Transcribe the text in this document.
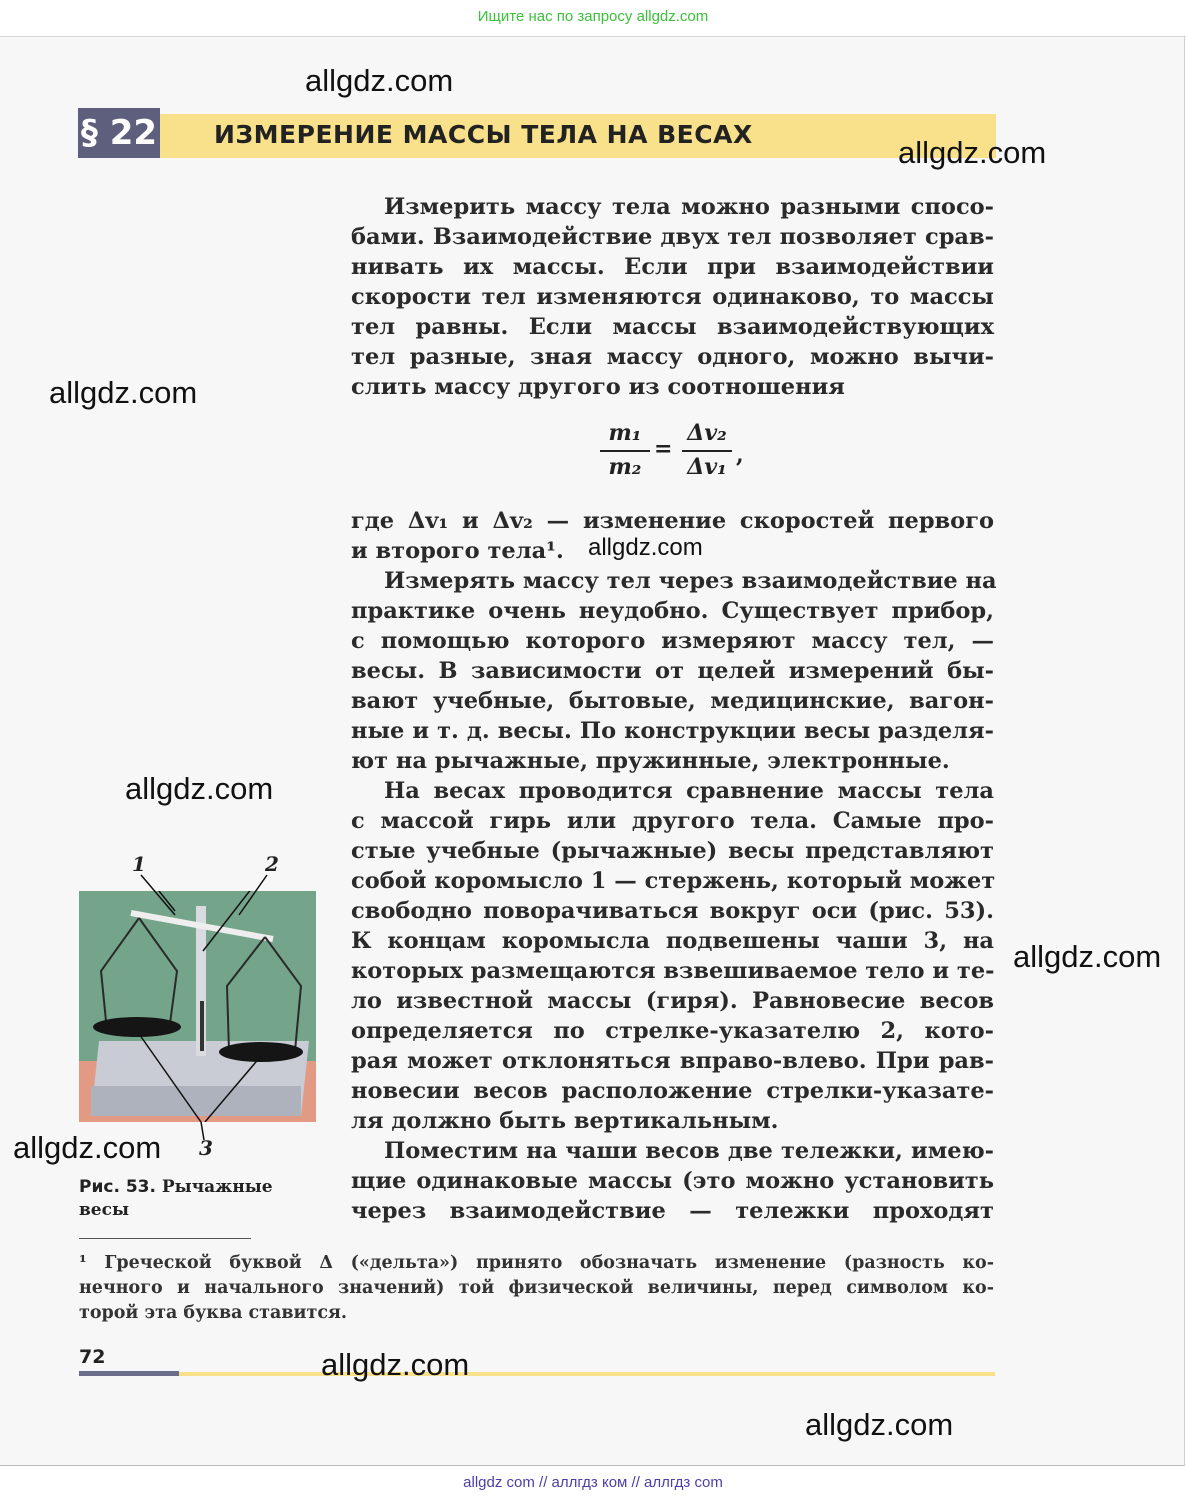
Ищите нас по запросу allgdz.com
§ 22 ИЗМЕРЕНИЕ МАССЫ ТЕЛА НА ВЕСАХ
Измерить массу тела можно разными спосо-
бами. Взаимодействие двух тел позволяет срав-
нивать их массы. Если при взаимодействии
скорости тел изменяются одинаково, то массы
тел равны. Если массы взаимодействующих
тел разные, зная массу одного, можно вычи-
слить массу другого из соотношения
m₁
m₂
=
Δv₂
Δv₁ ,
где Δv₁ и Δv₂ — изменение скоростей первого
и второго тела¹.
Измерять массу тел через взаимодействие на
практике очень неудобно. Существует прибор,
с помощью которого измеряют массу тел, —
весы. В зависимости от целей измерений бы-
вают учебные, бытовые, медицинские, вагон-
ные и т. д. весы. По конструкции весы разделя-
ют на рычажные, пружинные, электронные.
На весах проводится сравнение массы тела
с массой гирь или другого тела. Самые про-
стые учебные (рычажные) весы представляют
собой коромысло 1 — стержень, который может
свободно поворачиваться вокруг оси (рис. 53).
К концам коромысла подвешены чаши 3, на
которых размещаются взвешиваемое тело и те-
ло известной массы (гиря). Равновесие весов
определяется по стрелке-указателю 2, кото-
рая может отклоняться вправо-влево. При рав-
новесии весов расположение стрелки-указате-
ля должно быть вертикальным.
Поместим на чаши весов две тележки, имею-
щие одинаковые массы (это можно установить
через взаимодействие — тележки проходят
1	2
3
Рис. 53. Рычажные весы
¹ Греческой буквой Δ («дельта») принято обозначать изменение (разность ко-
нечного и начального значений) той физической величины, перед символом ко-
торой эта буква ставится.
72
allgdz.com
allgdz.com
allgdz.com
allgdz.com
allgdz.com
allgdz.com
allgdz.com
allgdz.com
allgdz.com
allgdz com // аллгдз ком // аллгдз com
